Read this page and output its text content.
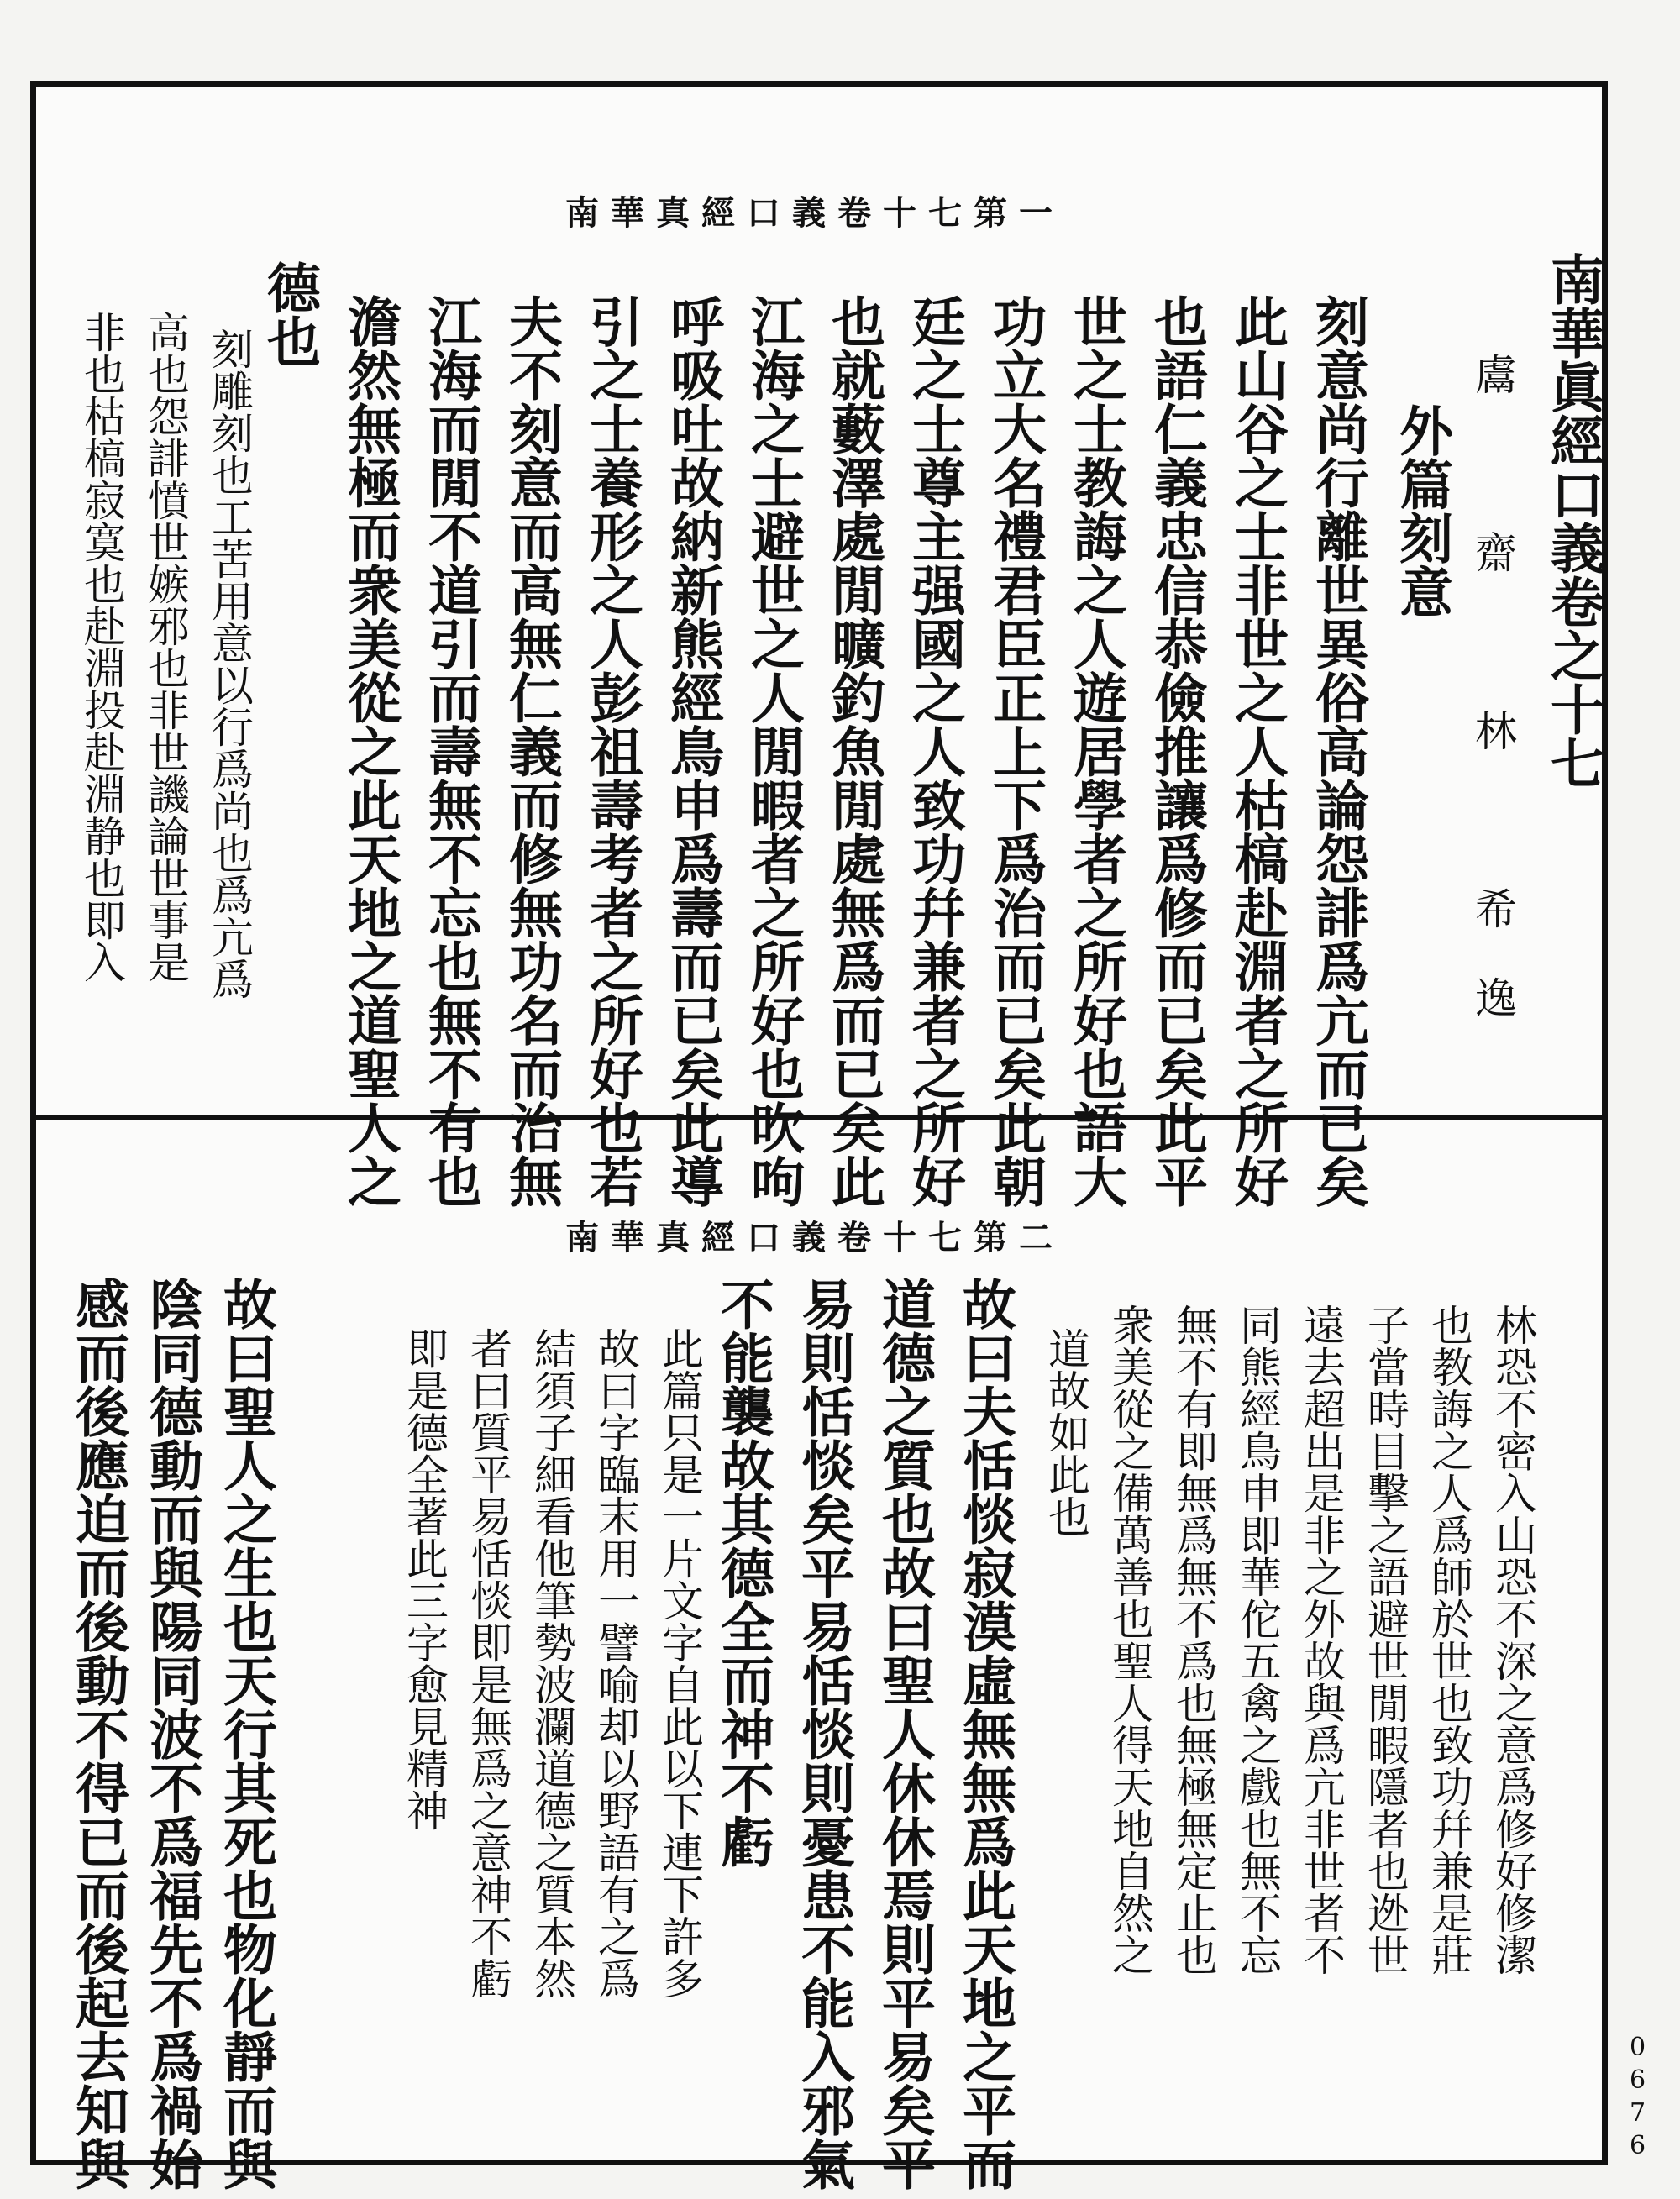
南華真經口義卷十七第一
南華真經口義卷十七第二
南華眞經口義卷之十七
鬳　齋　林　希逸
外篇刻意
刻意尚行離世異俗高論怨誹爲亢而已矣
此山谷之士非世之人枯槁赴淵者之所好
也語仁義忠信恭儉推讓爲修而已矣此平
世之士教誨之人遊居學者之所好也語大
功立大名禮君臣正上下爲治而已矣此朝
廷之士尊主强國之人致功幷兼者之所好
也就藪澤處閒曠釣魚閒處無爲而已矣此
江海之士避世之人閒暇者之所好也吹呴
呼吸吐故納新熊經鳥申爲壽而已矣此導
引之士養形之人彭祖壽考者之所好也若
夫不刻意而高無仁義而修無功名而治無
江海而閒不道引而壽無不忘也無不有也
澹然無極而衆美從之此天地之道聖人之
德也
刻雕刻也工苦用意以行爲尚也爲亢爲
高也怨誹憤世嫉邪也非世譏論世事是
非也枯槁寂寞也赴淵投赴淵静也即入
林恐不密入山恐不深之意爲修好修潔
也教誨之人爲師於世也致功幷兼是莊
子當時目擊之語避世閒暇隱者也迯世
遠去超出是非之外故與爲亢非世者不
同熊經鳥申即華佗五禽之戲也無不忘
無不有即無爲無不爲也無極無定止也
衆美從之備萬善也聖人得天地自然之
道故如此也
故曰夫恬惔寂漠虛無無爲此天地之平而
道德之質也故曰聖人休休焉則平易矣平
易則恬惔矣平易恬惔則憂患不能入邪氣
不能襲故其德全而神不虧
此篇只是一片文字自此以下連下許多
故曰字臨末用一譬喻却以野語有之爲
結須子細看他筆勢波瀾道德之質本然
者曰質平易恬惔即是無爲之意神不虧
即是德全著此三字愈見精神
故曰聖人之生也天行其死也物化靜而與
陰同德動而與陽同波不爲福先不爲禍始
感而後應迫而後動不得已而後起去知與	0676
